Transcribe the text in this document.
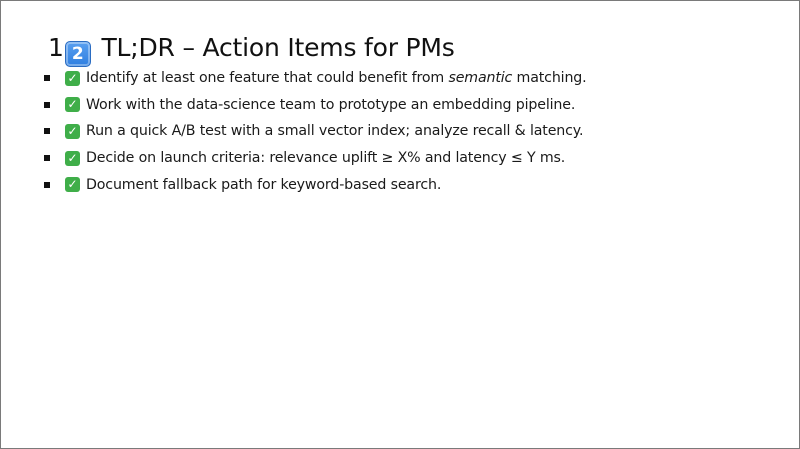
1 2 TL;DR – Action Items for PMs
✓ Identify at least one feature that could benefit from semantic matching.
✓ Work with the data-science team to prototype an embedding pipeline.
✓ Run a quick A/B test with a small vector index; analyze recall & latency.
✓ Decide on launch criteria: relevance uplift ≥ X% and latency ≤ Y ms.
✓ Document fallback path for keyword-based search.
